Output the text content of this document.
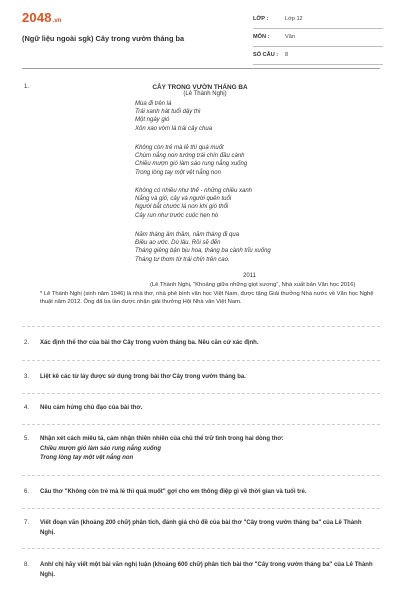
2048 .vn
(Ngữ liệu ngoài sgk) Cây trong vườn tháng ba
LỚP :	Lớp 12
MÔN :	Văn
SỐ CÂU : 8
1.	CÂY TRONG VƯỜN THÁNG BA
(Lê Thành Nghị)
Mùa đi trên lá
Trái xanh hát tuổi dậy thì
Một ngày gió
Xôn xao vòm lá trái cây chua
Không còn trẻ mà lẻ thì quá muốt
Chùm nắng non tướng trái chín đầu cành
Chiều mượn gió làm sáo rung nắng xuống
Trong lòng tay một vệt nắng non
Không có nhiều như thế - những chiều xanh
Nắng và gió, cây và người quên tuổi
Người bắt chước lá non khi gió thổi
Cây run như trước cuộc hẹn hò
Năm tháng âm thầm, năm tháng đi qua
Điều ao ước. Dù lâu. Rồi sẽ đến
Tháng giêng bận bịu hoa, tháng ba cành trĩu xuống
Tháng tư thơm từ trái chín trên cao.
2011
(Lê Thành Nghị, "Khoảng giữa những giọt sương", Nhà xuất bản Văn học 2016)
* Lê Thành Nghị (sinh năm 1946) là nhà thơ, nhà phê bình văn học Việt Nam, được tặng Giải thưởng Nhà nước về Văn học Nghệ thuật năm 2012. Ông đã ba lần được nhận giải thưởng Hội Nhà văn Việt Nam.
2. Xác định thể thơ của bài thơ Cây trong vườn tháng ba. Nêu căn cứ xác định.
3. Liệt kê các từ láy được sử dụng trong bài thơ Cây trong vườn tháng ba.
4. Nêu cảm hứng chủ đạo của bài thơ.
5. Nhận xét cách miêu tả, cảm nhận thiên nhiên của chủ thể trữ tình trong hai dòng thơ:
Chiều mượn gió làm sáo rung nắng xuống
Trong lòng tay một vệt nắng non
6. Câu thơ "Không còn trẻ mà lẻ thì quá muốt" gợi cho em thông điệp gì về thời gian và tuổi trẻ.
7. Viết đoạn văn (khoảng 200 chữ) phân tích, đánh giá chủ đề của bài thơ "Cây trong vườn tháng ba" của Lê Thành Nghị.
8. Anh/ chị hãy viết một bài văn nghị luận (khoảng 600 chữ) phân tích bài thơ "Cây trong vườn tháng ba" của Lê Thành Nghị.
